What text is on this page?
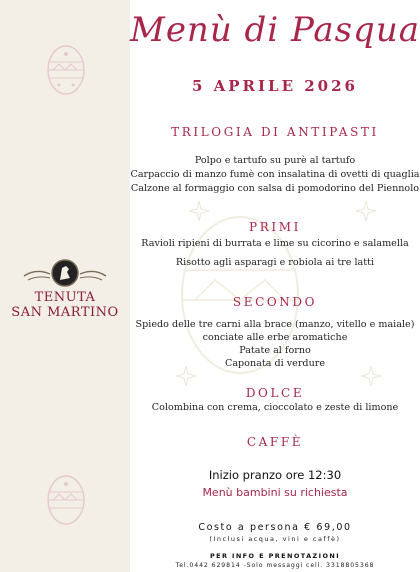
TENUTA
SAN MARTINO
Menù di Pasqua
5 APRILE 2026
TRILOGIA DI ANTIPASTI
Polpo e tartufo su purè al tartufo
Carpaccio di manzo fumè con insalatina di ovetti di quaglia
Calzone al formaggio con salsa di pomodorino del Piennolo
PRIMI
Ravioli ripieni di burrata e lime su cicorino e salamella
Risotto agli asparagi e robiola ai tre latti
SECONDO
Spiedo delle tre carni alla brace (manzo, vitello e maiale)
conciate alle erbe aromatiche
Patate al forno
Caponata di verdure
DOLCE
Colombina con crema, cioccolato e zeste di limone
CAFFÈ
Inizio pranzo ore 12:30
Menù bambini su richiesta
Costo a persona € 69,00
(Inclusi acqua, vini e caffè)
PER INFO E PRENOTAZIONI
Tel.0442 629814 -Solo messaggi cell. 3318805368
